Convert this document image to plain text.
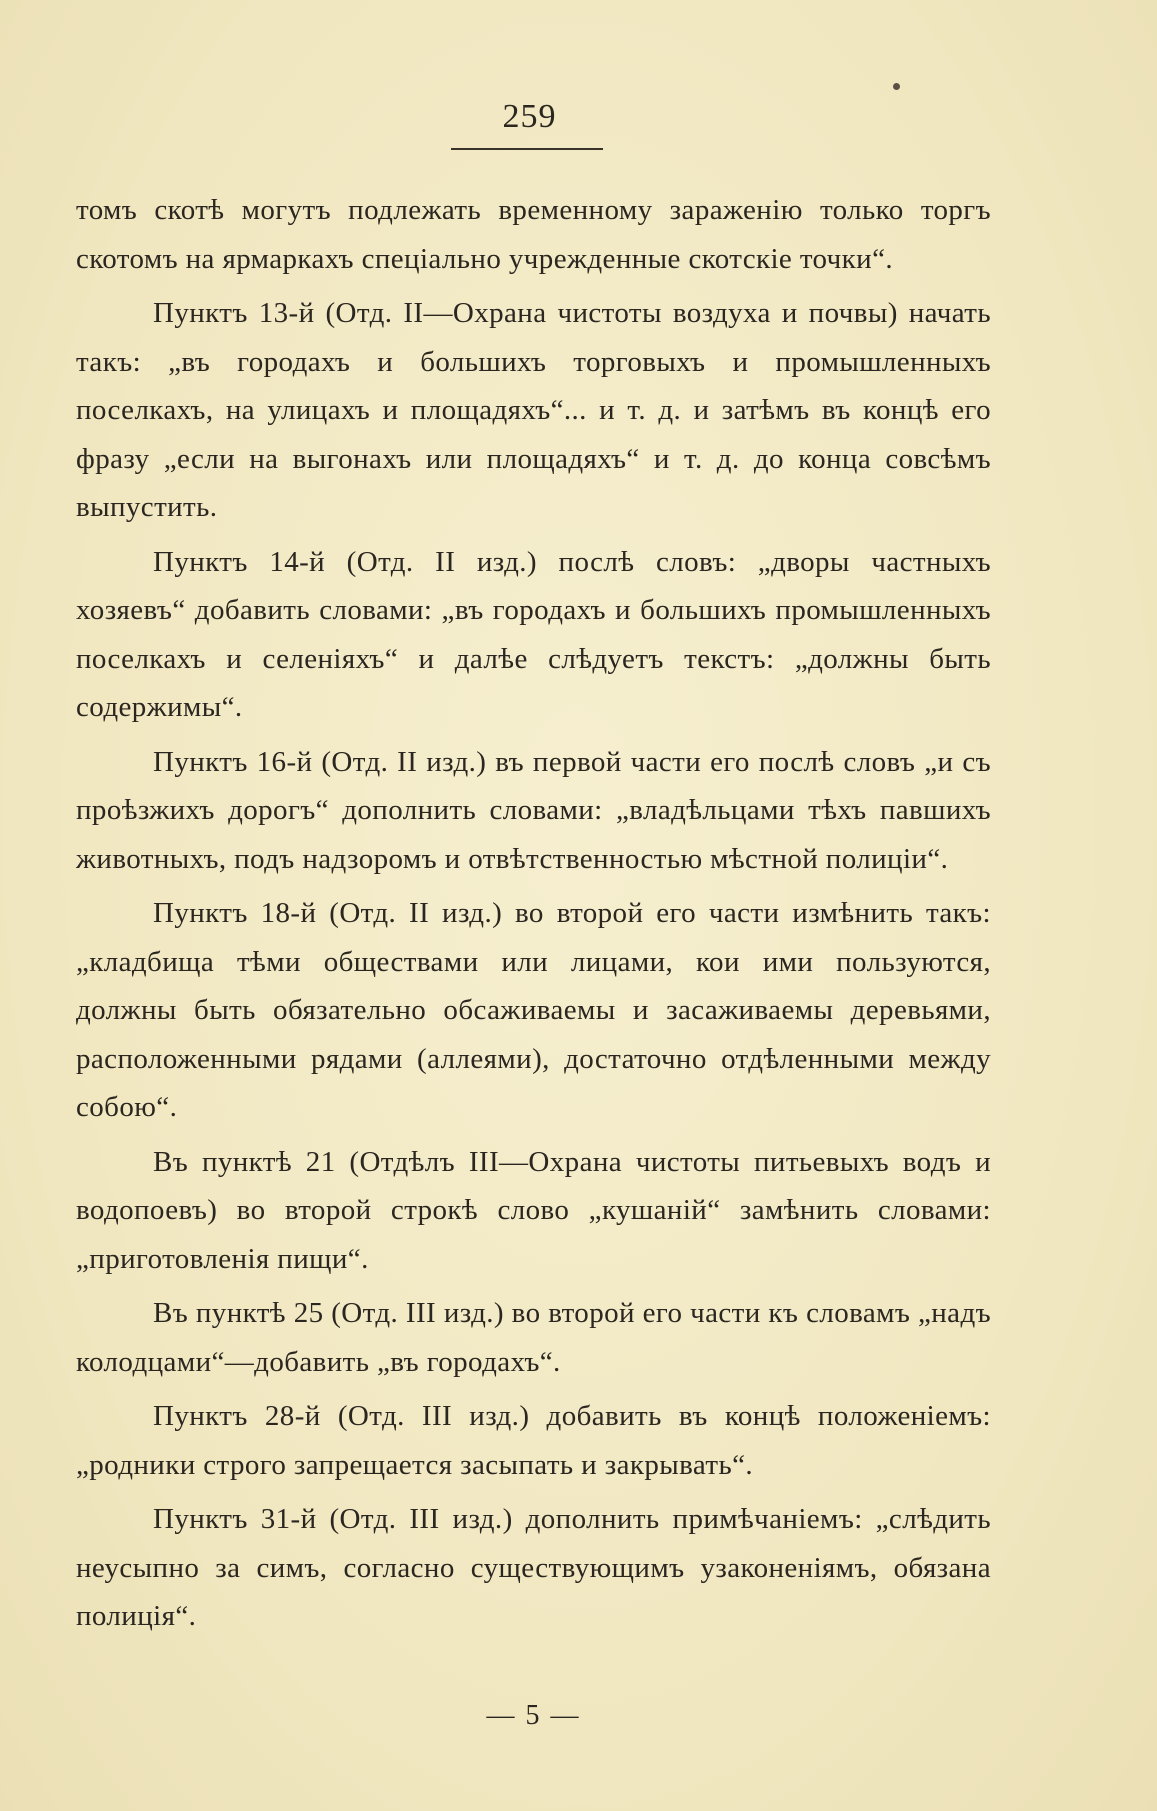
259

томъ скотѣ могутъ подлежать временному зараженію только торгъ скотомъ на ярмаркахъ спеціально учрежденные скотскіе точки“.

Пунктъ 13-й (Отд. II—Охрана чистоты воздуха и почвы) начать такъ: „въ городахъ и большихъ торговыхъ и промышленныхъ поселкахъ, на улицахъ и площадяхъ“... и т. д. и затѣмъ въ концѣ его фразу „если на выгонахъ или площадяхъ“ и т. д. до конца совсѣмъ выпустить.

Пунктъ 14-й (Отд. II изд.) послѣ словъ: „дворы частныхъ хозяевъ“ добавить словами: „въ городахъ и большихъ промышленныхъ поселкахъ и селеніяхъ“ и далѣе слѣдуетъ текстъ: „должны быть содержимы“.

Пунктъ 16-й (Отд. II изд.) въ первой части его послѣ словъ „и съ проѣзжихъ дорогъ“ дополнить словами: „владѣльцами тѣхъ павшихъ животныхъ, подъ надзоромъ и отвѣтственностью мѣстной полиціи“.

Пунктъ 18-й (Отд. II изд.) во второй его части измѣнить такъ: „кладбища тѣми обществами или лицами, кои ими пользуются, должны быть обязательно обсаживаемы и засаживаемы деревьями, расположенными рядами (аллеями), достаточно отдѣленными между собою“.

Въ пунктѣ 21 (Отдѣлъ III—Охрана чистоты питьевыхъ водъ и водопоевъ) во второй строкѣ слово „кушаній“ замѣнить словами: „приготовленія пищи“.

Въ пунктѣ 25 (Отд. III изд.) во второй его части къ словамъ „надъ колодцами“—добавить „въ городахъ“.

Пунктъ 28-й (Отд. III изд.) добавить въ концѣ положеніемъ: „родники строго запрещается засыпать и закрывать“.

Пунктъ 31-й (Отд. III изд.) дополнить примѣчаніемъ: „слѣдить неусыпно за симъ, согласно существующимъ узаконеніямъ, обязана полиція“.

— 5 —
